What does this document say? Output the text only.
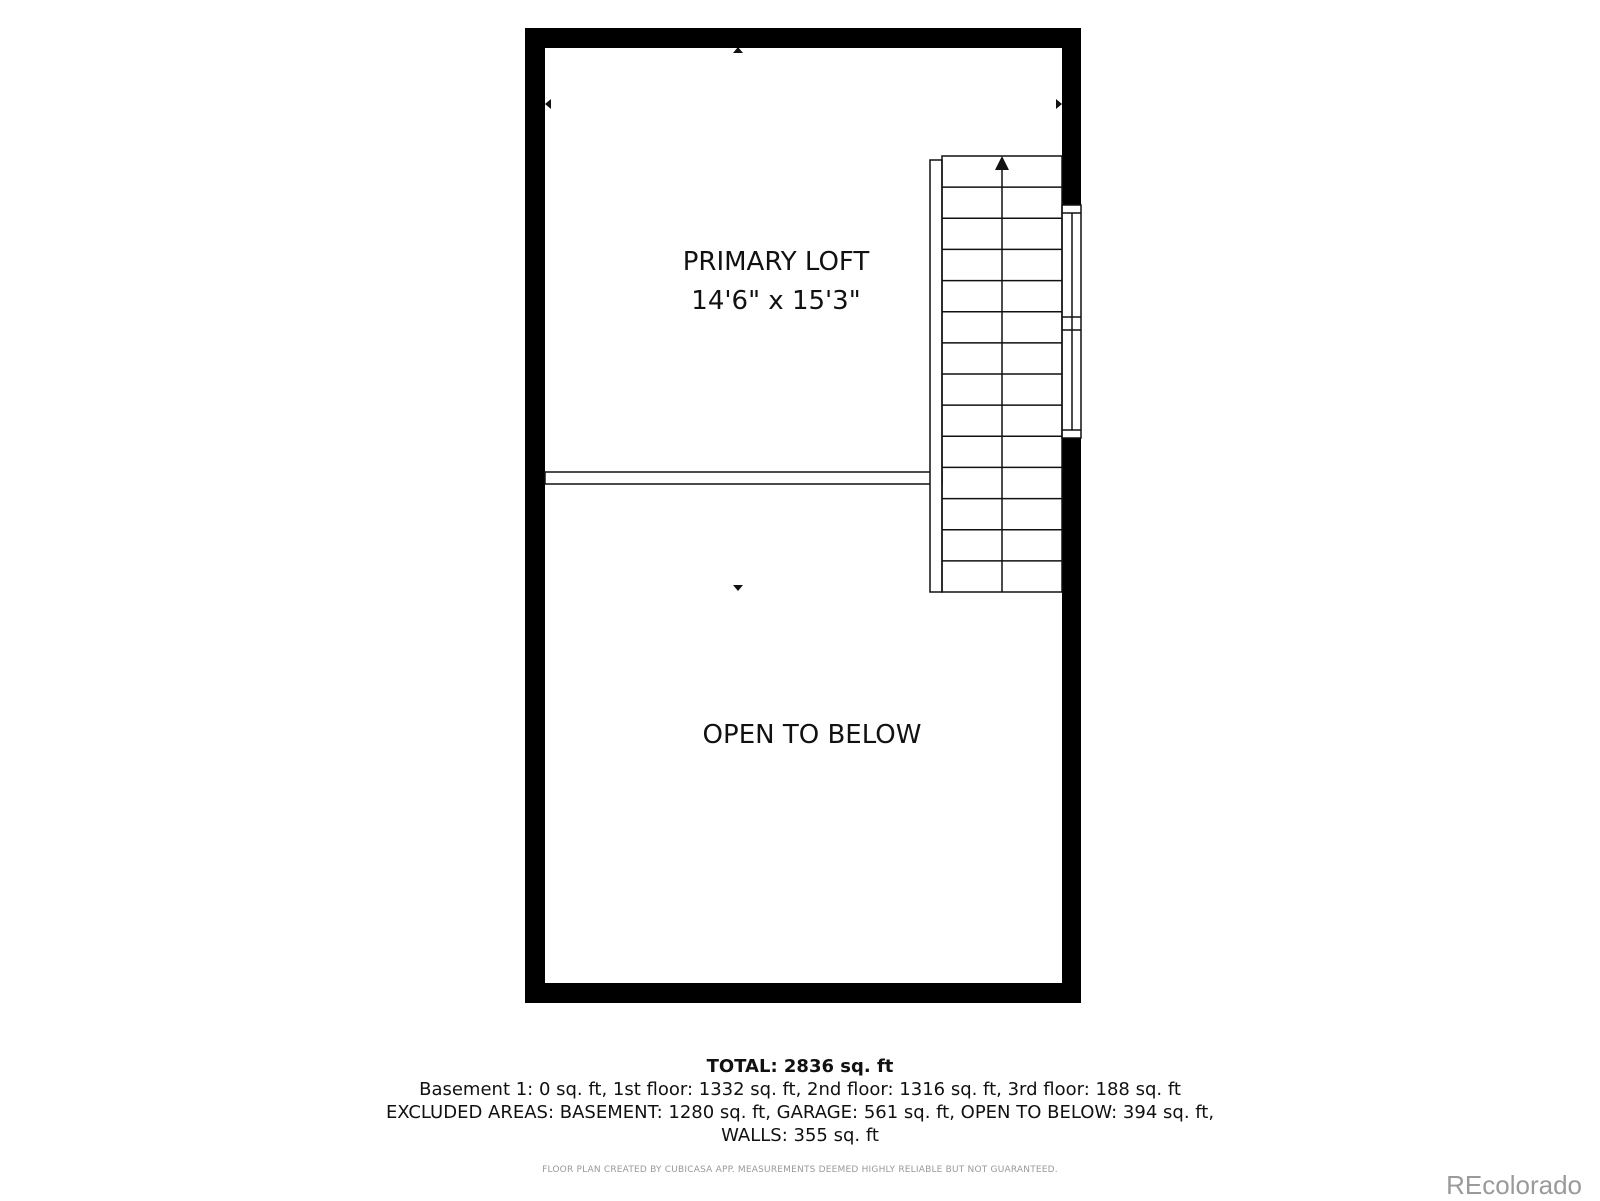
PRIMARY LOFT
14'6" x 15'3"
OPEN TO BELOW
TOTAL: 2836 sq. ft
Basement 1: 0 sq. ft, 1st floor: 1332 sq. ft, 2nd floor: 1316 sq. ft, 3rd floor: 188 sq. ft
EXCLUDED AREAS: BASEMENT: 1280 sq. ft, GARAGE: 561 sq. ft, OPEN TO BELOW: 394 sq. ft,
WALLS: 355 sq. ft
FLOOR PLAN CREATED BY CUBICASA APP. MEASUREMENTS DEEMED HIGHLY RELIABLE BUT NOT GUARANTEED.	REcolorado
